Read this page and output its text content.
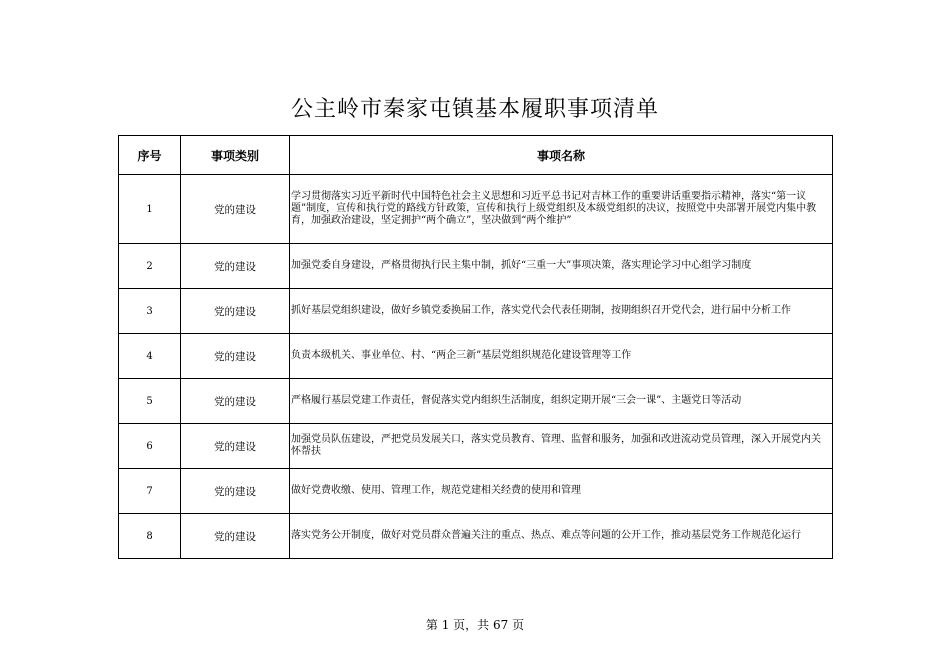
公主岭市秦家屯镇基本履职事项清单
序号	事项类别	事项名称
1	党的建设	学习贯彻落实习近平新时代中国特色社会主义思想和习近平总书记对吉林工作的重要讲话重要指示精神，落实“第一议题”制度，宣传和执行党的路线方针政策，宣传和执行上级党组织及本级党组织的决议，按照党中央部署开展党内集中教育，加强政治建设，坚定拥护“两个确立”，坚决做到“两个维护”
2	党的建设	加强党委自身建设，严格贯彻执行民主集中制，抓好“三重一大”事项决策，落实理论学习中心组学习制度
3	党的建设	抓好基层党组织建设，做好乡镇党委换届工作，落实党代会代表任期制，按期组织召开党代会，进行届中分析工作
4	党的建设	负责本级机关、事业单位、村、“两企三新”基层党组织规范化建设管理等工作
5	党的建设	严格履行基层党建工作责任，督促落实党内组织生活制度，组织定期开展“三会一课”、主题党日等活动
6	党的建设	加强党员队伍建设，严把党员发展关口，落实党员教育、管理、监督和服务，加强和改进流动党员管理，深入开展党内关怀帮扶
7	党的建设	做好党费收缴、使用、管理工作，规范党建相关经费的使用和管理
8	党的建设	落实党务公开制度，做好对党员群众普遍关注的重点、热点、难点等问题的公开工作，推动基层党务工作规范化运行
第 1 页，共 67 页
